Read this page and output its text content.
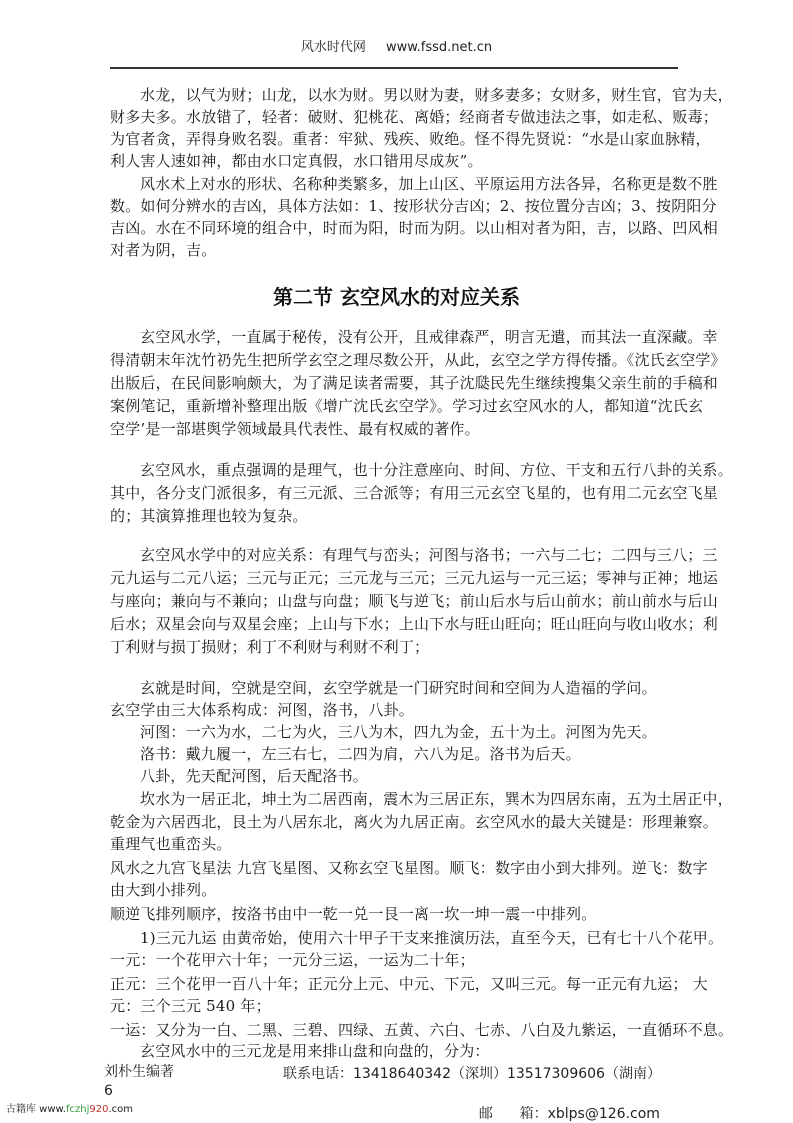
风水时代网 www.fssd.net.cn
水龙，以气为财；山龙，以水为财。男以财为妻，财多妻多；女财多，财生官，官为夫，
财多夫多。水放错了，轻者：破财、犯桃花、离婚；经商者专做违法之事，如走私、贩毒；
为官者贪，弄得身败名裂。重者：牢狱、残疾、败绝。怪不得先贤说：“水是山家血脉精，
利人害人速如神，都由水口定真假，水口错用尽成灰”。
风水术上对水的形状、名称种类繁多，加上山区、平原运用方法各异，名称更是数不胜
数。如何分辨水的吉凶，具体方法如：1、按形状分吉凶；2、按位置分吉凶；3、按阴阳分
吉凶。水在不同环境的组合中，时而为阳，时而为阴。以山相对者为阳，吉，以路、凹风相
对者为阴，吉。
第二节 玄空风水的对应关系
玄空风水学，一直属于秘传，没有公开，且戒律森严，明言无遣，而其法一直深藏。幸
得清朝末年沈竹礽先生把所学玄空之理尽数公开，从此，玄空之学方得传播。《沈氏玄空学》
出版后，在民间影响颇大，为了满足读者需要，其子沈瓞民先生继续搜集父亲生前的手稿和
案例笔记，重新增补整理出版《增广沈氏玄空学》。学习过玄空风水的人，都知道“沈氏玄
空学’是一部堪舆学领域最具代表性、最有权威的著作。
玄空风水，重点强调的是理气，也十分注意座向、时间、方位、干支和五行八卦的关系。
其中，各分支门派很多，有三元派、三合派等；有用三元玄空飞星的，也有用二元玄空飞星
的；其演算推理也较为复杂。
玄空风水学中的对应关系：有理气与峦头；河图与洛书；一六与二七；二四与三八；三
元九运与二元八运；三元与正元；三元龙与三元；三元九运与一元三运；零神与正神；地运
与座向；兼向与不兼向；山盘与向盘；顺飞与逆飞；前山后水与后山前水；前山前水与后山
后水；双星会向与双星会座；上山与下水；上山下水与旺山旺向；旺山旺向与收山收水；利
丁利财与损丁损财；利丁不利财与利财不利丁；
玄就是时间，空就是空间，玄空学就是一门研究时间和空间为人造福的学问。
玄空学由三大体系构成：河图，洛书，八卦。
河图：一六为水，二七为火，三八为木，四九为金，五十为土。河图为先天。
洛书：戴九履一，左三右七，二四为肩，六八为足。洛书为后天。
八卦，先天配河图，后天配洛书。
坎水为一居正北，坤土为二居西南，震木为三居正东，巽木为四居东南，五为土居正中，
乾金为六居西北，艮土为八居东北，离火为九居正南。玄空风水的最大关键是：形理兼察。
重理气也重峦头。
风水之九宫飞星法 九宫飞星图、又称玄空飞星图。顺飞：数字由小到大排列。逆飞：数字
由大到小排列。
顺逆飞排列顺序，按洛书由中一乾一兑一艮一离一坎一坤一震一中排列。
1)三元九运 由黄帝始，使用六十甲子干支来推演历法，直至今天，已有七十八个花甲。
一元：一个花甲六十年；一元分三运，一运为二十年；
正元：三个花甲一百八十年；正元分上元、中元、下元，又叫三元。每一正元有九运； 大
元：三个三元 540 年；
一运：又分为一白、二黑、三碧、四绿、五黄、六白、七赤、八白及九紫运，一直循环不息。
玄空风水中的三元龙是用来排山盘和向盘的，分为：
刘朴生编著
6
联系电话：13418640342（深圳）13517309606（湖南）

邮      箱：xblps@126.com

古籍库 www.fczhj920.com
